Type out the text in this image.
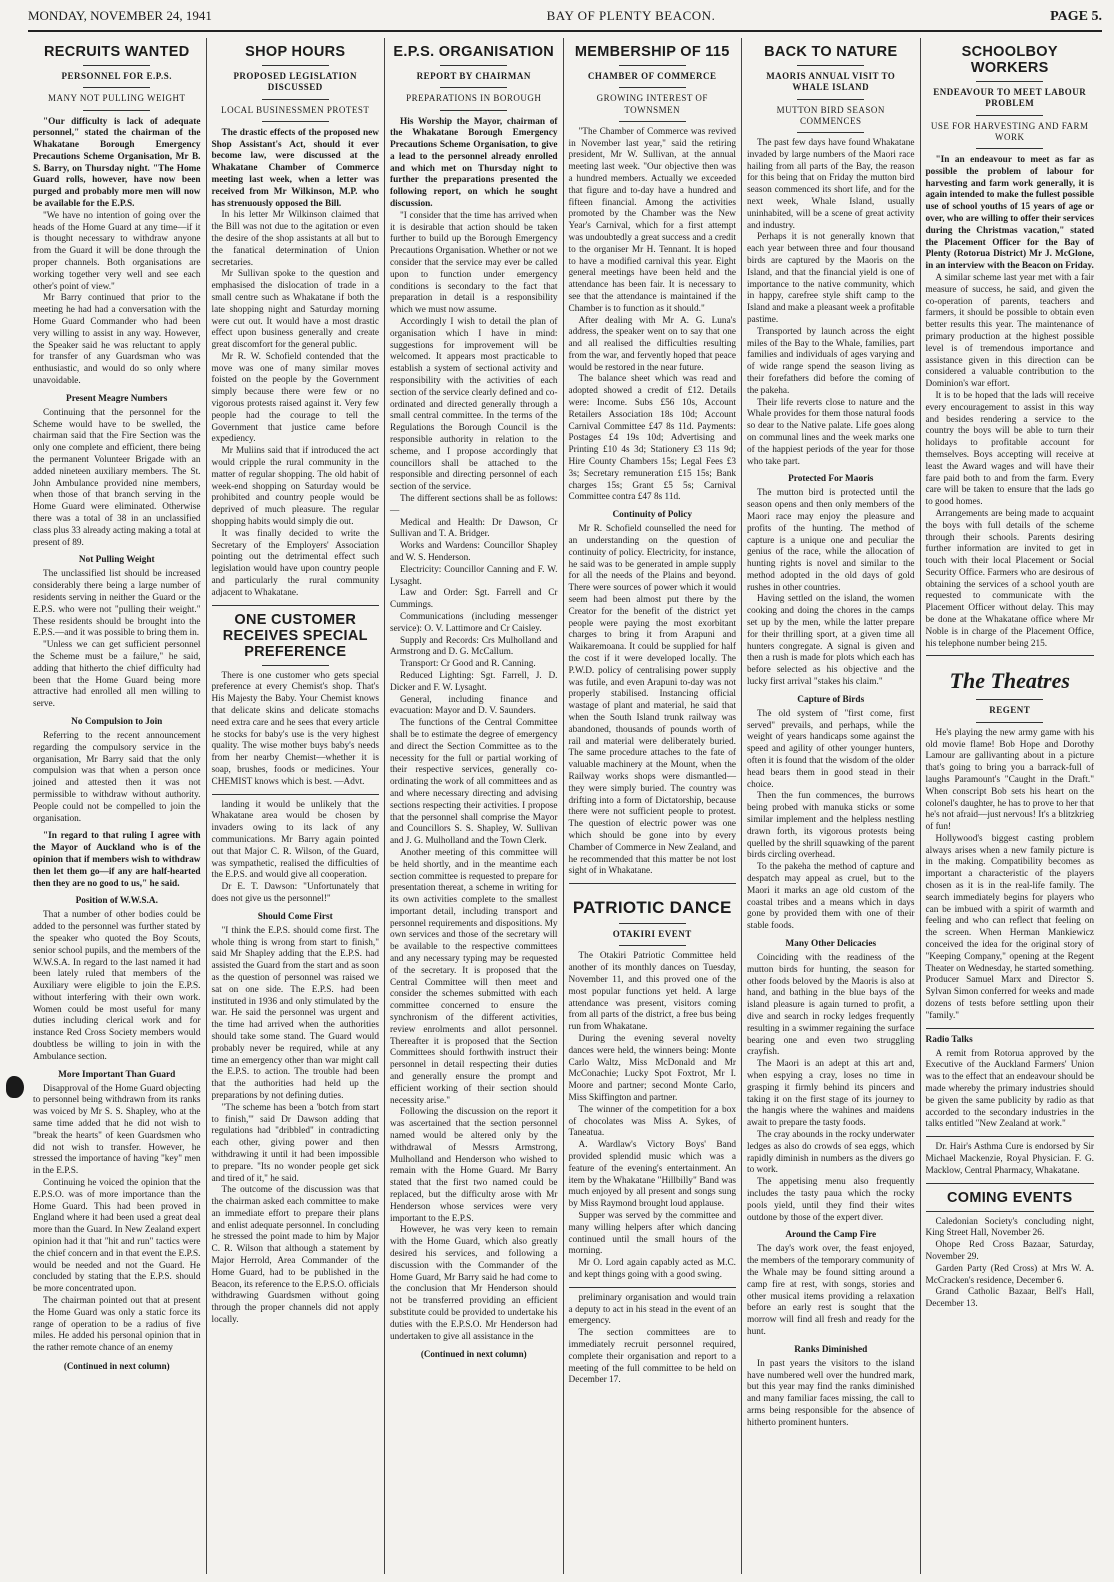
MONDAY, NOVEMBER 24, 1941	BAY OF PLENTY BEACON.	PAGE 5.
RECRUITS WANTED
PERSONNEL FOR E.P.S.
MANY NOT PULLING WEIGHT

"Our difficulty is lack of adequate personnel," stated the chairman of the Whakatane Borough Emergency Precautions Scheme Organisation, Mr B. S. Barry, on Thursday night. "The Home Guard rolls, however, have now been purged and probably more men will now be available for the E.P.S.

"We have no intention of going over the heads of the Home Guard at any time—if it is thought necessary to withdraw anyone from the Guard it will be done through the proper channels. Both organisations are working together very well and see each other's point of view."

Mr Barry continued that prior to the meeting he had had a conversation with the Home Guard Commander who had been very willing to assist in any way. However, the Speaker said he was reluctant to apply for transfer of any Guardsman who was enthusiastic, and would do so only where unavoidable.

Present Meagre Numbers

Continuing that the personnel for the Scheme would have to be swelled, the chairman said that the Fire Section was the only one complete and efficient, there being the permanent Volunteer Brigade with an added nineteen auxiliary members. The St. John Ambulance provided nine members, when those of that branch serving in the Home Guard were eliminated. Otherwise there was a total of 38 in an unclassified class plus 33 already acting making a total at present of 89.

Not Pulling Weight

The unclassified list should be increased considerably there being a large number of residents serving in neither the Guard or the E.P.S. who were not "pulling their weight." These residents should be brought into the E.P.S.—and it was possible to bring them in.

"Unless we can get sufficient personnel the Scheme must be a failure," he said, adding that hitherto the chief difficulty had been that the Home Guard being more attractive had enrolled all men willing to serve.

No Compulsion to Join

Referring to the recent announcement regarding the compulsory service in the organisation, Mr Barry said that the only compulsion was that when a person once joined and attested then it was not permissible to withdraw without authority. People could not be compelled to join the organisation.

"In regard to that ruling I agree with the Mayor of Auckland who is of the opinion that if members wish to withdraw then let them go—if any are half-hearted then they are no good to us," he said.

Position of W.W.S.A.

That a number of other bodies could be added to the personnel was further stated by the speaker who quoted the Boy Scouts, senior school pupils, and the members of the W.W.S.A. In regard to the last named it had been lately ruled that members of the Auxiliary were eligible to join the E.P.S. without interfering with their own work. Women could be most useful for many duties including clerical work and for instance Red Cross Society members would doubtless be willing to join in with the Ambulance section.

More Important Than Guard

Disapproval of the Home Guard objecting to personnel being withdrawn from its ranks was voiced by Mr S. S. Shapley, who at the same time added that he did not wish to "break the hearts" of keen Guardsmen who did not wish to transfer. However, he stressed the importance of having "key" men in the E.P.S.

Continuing he voiced the opinion that the E.P.S.O. was of more importance than the Home Guard. This had been proved in England where it had been used a great deal more than the Guard. In New Zealand expert opinion had it that "hit and run" tactics were the chief concern and in that event the E.P.S. would be needed and not the Guard. He concluded by stating that the E.P.S. should be more concentrated upon.

The chairman pointed out that at present the Home Guard was only a static force its range of operation to be a radius of five miles. He added his personal opinion that in the rather remote chance of an enemy

(Continued in next column)
SHOP HOURS
PROPOSED LEGISLATION DISCUSSED
LOCAL BUSINESSMEN PROTEST

The drastic effects of the proposed new Shop Assistant's Act, should it ever become law, were discussed at the Whakatane Chamber of Commerce meeting last week, when a letter was received from Mr Wilkinson, M.P. who has strenuously opposed the Bill.

In his letter Mr Wilkinson claimed that the Bill was not due to the agitation or even the desire of the shop assistants at all but to the fanatical determination of Union secretaries.

Mr Sullivan spoke to the question and emphasised the dislocation of trade in a small centre such as Whakatane if both the late shopping night and Saturday morning were cut out. It would have a most drastic effect upon business generally and create great discomfort for the general public.

Mr R. W. Schofield contended that the move was one of many similar moves foisted on the people by the Government simply because there were few or no vigorous protests raised against it. Very few people had the courage to tell the Government that justice came before expediency.

Mr Muliins said that if introduced the act would cripple the rural community in the matter of regular shopping. The old habit of week-end shopping on Saturday would be prohibited and country people would be deprived of much pleasure. The regular shopping habits would simply die out.

It was finally decided to write the Secretary of the Employers' Association pointing out the detrimental effect such legislation would have upon country people and particularly the rural community adjacent to Whakatane.

ONE CUSTOMER RECEIVES SPECIAL PREFERENCE

There is one customer who gets special preference at every Chemist's shop. That's His Majesty the Baby. Your Chemist knows that delicate skins and delicate stomachs need extra care and he sees that every article he stocks for baby's use is the very highest quality. The wise mother buys baby's needs from her nearby Chemist—whether it is soap, brushes, foods or medicines. Your CHEMIST knows which is best. —Advt.

landing it would be unlikely that the Whakatane area would be chosen by invaders owing to its lack of any communications. Mr Barry again pointed out that Major C. R. Wilson, of the Guard, was sympathetic, realised the difficulties of the E.P.S. and would give all cooperation.

Dr E. T. Dawson: "Unfortunately that does not give us the personnel!"

Should Come First

"I think the E.P.S. should come first. The whole thing is wrong from start to finish," said Mr Shapley adding that the E.P.S. had assisted the Guard from the start and as soon as the question of personnel was raised we sat on one side. The E.P.S. had been instituted in 1936 and only stimulated by the war. He said the personnel was urgent and the time had arrived when the authorities should take some stand. The Guard would probably never be required, while at any time an emergency other than war might call the E.P.S. to action. The trouble had been that the authorities had held up the preparations by not defining duties.

"The scheme has been a 'botch from start to finish,'" said Dr Dawson adding that regulations had "dribbled" in contradicting each other, giving power and then withdrawing it until it had been impossible to prepare. "Its no wonder people get sick and tired of it," he said.

The outcome of the discussion was that the chairman asked each committee to make an immediate effort to prepare their plans and enlist adequate personnel. In concluding he stressed the point made to him by Major C. R. Wilson that although a statement by Major Herrold, Area Commander of the Home Guard, had to be published in the Beacon, its reference to the E.P.S.O. officials withdrawing Guardsmen without going through the proper channels did not apply locally.

E.P.S. ORGANISATION
REPORT BY CHAIRMAN
PREPARATIONS IN BOROUGH

His Worship the Mayor, chairman of the Whakatane Borough Emergency Precautions Scheme Organisation, to give a lead to the personnel already enrolled and which met on Thursday night to further the preparations presented the following report, on which he sought discussion.

"I consider that the time has arrived when it is desirable that action should be taken further to build up the Borough Emergency Precautions Organisation. Whether or not we consider that the service may ever be called upon to function under emergency conditions is secondary to the fact that preparation in detail is a responsibility which we must now assume.

Accordingly I wish to detail the plan of organisation which I have in mind: suggestions for improvement will be welcomed. It appears most practicable to establish a system of sectional activity and responsibility with the activities of each section of the service clearly defined and co-ordinated and directed generally through a small central committee. In the terms of the Regulations the Borough Council is the responsible authority in relation to the scheme, and I propose accordingly that councillors shall be attached to the responsible and directing personnel of each section of the service.

The different sections shall be as follows:—

Medical and Health: Dr Dawson, Cr Sullivan and T. A. Bridger.

Works and Wardens: Councillor Shapley and W. S. Henderson.

Electricity: Councillor Canning and F. W. Lysaght.

Law and Order: Sgt. Farrell and Cr Cummings.

Communications (including messenger service): O. V. Lattimore and Cr Caisley.

Supply and Records: Crs Mulholland and Armstrong and D. G. McCallum.

Transport: Cr Good and R. Canning.

Reduced Lighting: Sgt. Farrell, J. D. Dicker and F. W. Lysaght.

General, including finance and evacuation: Mayor and D. V. Saunders.

The functions of the Central Committee shall be to estimate the degree of emergency and direct the Section Committee as to the necessity for the full or partial working of their respective services, generally co-ordinating the work of all committees and as and where necessary directing and advising sections respecting their activities. I propose that the personnel shall comprise the Mayor and Councillors S. S. Shapley, W. Sullivan and J. G. Mulholland and the Town Clerk.

Another meeting of this committee will be held shortly, and in the meantime each section committee is requested to prepare for presentation thereat, a scheme in writing for its own activities complete to the smallest important detail, including transport and personnel requirements and dispositions. My own services and those of the secretary will be available to the respective committees and any necessary typing may be requested of the secretary. It is proposed that the Central Committee will then meet and consider the schemes submitted with each committee concerned to ensure the synchronism of the different activities, review enrolments and allot personnel. Thereafter it is proposed that the Section Committees should forthwith instruct their personnel in detail respecting their duties and generally ensure the prompt and efficient working of their section should necessity arise."

Following the discussion on the report it was ascertained that the section personnel named would be altered only by the withdrawal of Messrs Armstrong, Mulholland and Henderson who wished to remain with the Home Guard. Mr Barry stated that the first two named could be replaced, but the difficulty arose with Mr Henderson whose services were very important to the E.P.S.

However, he was very keen to remain with the Home Guard, which also greatly desired his services, and following a discussion with the Commander of the Home Guard, Mr Barry said he had come to the conclusion that Mr Henderson should not be transferred providing an efficient substitute could be provided to undertake his duties with the E.P.S.O. Mr Henderson had undertaken to give all assistance in the

(Continued in next column)
MEMBERSHIP OF 115
CHAMBER OF COMMERCE
GROWING INTEREST OF TOWNSMEN

"The Chamber of Commerce was revived in November last year," said the retiring president, Mr W. Sullivan, at the annual meeting last week. "Our objective then was a hundred members. Actually we exceeded that figure and to-day have a hundred and fifteen financial. Among the activities promoted by the Chamber was the New Year's Carnival, which for a first attempt was undoubtedly a great success and a credit to the organiser Mr H. Tennant. It is hoped to have a modified carnival this year. Eight general meetings have been held and the attendance has been fair. It is necessary to see that the attendance is maintained if the Chamber is to function as it should."

After dealing with Mr A. G. Luna's address, the speaker went on to say that one and all realised the difficulties resulting from the war, and fervently hoped that peace would be restored in the near future.

The balance sheet which was read and adopted showed a credit of £12. Details were: Income. Subs £56 10s, Account Retailers Association 18s 10d; Account Carnival Committee £47 8s 11d. Payments: Postages £4 19s 10d; Advertising and Printing £10 4s 3d; Stationery £3 11s 9d; Hire County Chambers 15s; Legal Fees £3 3s; Secretary remuneration £15 15s; Bank charges 15s; Grant £5 5s; Carnival Committee contra £47 8s 11d.

Continuity of Policy

Mr R. Schofield counselled the need for an understanding on the question of continuity of policy. Electricity, for instance, he said was to be generated in ample supply for all the needs of the Plains and beyond. There were sources of power which it would seem had been almost put there by the Creator for the benefit of the district yet people were paying the most exorbitant charges to bring it from Arapuni and Waikaremoana. It could be supplied for half the cost if it were developed locally. The P.W.D. policy of centralising power supply was futile, and even Arapuni to-day was not properly stabilised. Instancing official wastage of plant and material, he said that when the South Island trunk railway was abandoned, thousands of pounds worth of rail and material were deliberately buried. The same procedure attaches to the fate of valuable machinery at the Mount, when the Railway works shops were dismantled—they were simply buried. The country was drifting into a form of Dictatorship, because there were not sufficient people to protest. The question of electric power was one which should be gone into by every Chamber of Commerce in New Zealand, and he recommended that this matter be not lost sight of in Whakatane.

PATRIOTIC DANCE
OTAKIRI EVENT

The Otakiri Patriotic Committee held another of its monthly dances on Tuesday, November 11, and this proved one of the most popular functions yet held. A large attendance was present, visitors coming from all parts of the district, a free bus being run from Whakatane.

During the evening several novelty dances were held, the winners being: Monte Carlo Waltz, Miss McDonald and Mr McConachie; Lucky Spot Foxtrot, Mr I. Moore and partner; second Monte Carlo, Miss Skiffington and partner.

The winner of the competition for a box of chocolates was Miss A. Sykes, of Taneatua.

A. Wardlaw's Victory Boys' Band provided splendid music which was a feature of the evening's entertainment. An item by the Whakatane "Hillbilly" Band was much enjoyed by all present and songs sung by Miss Raymond brought loud applause.

Supper was served by the committee and many willing helpers after which dancing continued until the small hours of the morning.

Mr O. Lord again capably acted as M.C. and kept things going with a good swing.

preliminary organisation and would train a deputy to act in his stead in the event of an emergency.

The section committees are to immediately recruit personnel required, complete their organisation and report to a meeting of the full committee to be held on December 17.

BACK TO NATURE
MAORIS ANNUAL VISIT TO WHALE ISLAND
MUTTON BIRD SEASON COMMENCES

The past few days have found Whakatane invaded by large numbers of the Maori race hailing from all parts of the Bay, the reason for this being that on Friday the mutton bird season commenced its short life, and for the next week, Whale Island, usually uninhabited, will be a scene of great activity and industry.

Perhaps it is not generally known that each year between three and four thousand birds are captured by the Maoris on the Island, and that the financial yield is one of importance to the native community, which in happy, carefree style shift camp to the Island and make a pleasant week a profitable pastime.

Transported by launch across the eight miles of the Bay to the Whale, families, part families and individuals of ages varying and of wide range spend the season living as their forefathers did before the coming of the pakeha.

Their life reverts close to nature and the Whale provides for them those natural foods so dear to the Native palate. Life goes along on communal lines and the week marks one of the happiest periods of the year for those who take part.

Protected For Maoris

The mutton bird is protected until the season opens and then only members of the Maori race may enjoy the pleasure and profits of the hunting. The method of capture is a unique one and peculiar the genius of the race, while the allocation of hunting rights is novel and similar to the method adopted in the old days of gold rushes in other countries.

Having settled on the island, the women cooking and doing the chores in the camps set up by the men, while the latter prepare for their thrilling sport, at a given time all hunters congregate. A signal is given and then a rush is made for plots which each has before selected as his objective and the lucky first arrival "stakes his claim."

Capture of Birds

The old system of "first come, first served" prevails, and perhaps, while the weight of years handicaps some against the speed and agility of other younger hunters, often it is found that the wisdom of the older head bears them in good stead in their choice.

Then the fun commences, the burrows being probed with manuka sticks or some similar implement and the helpless nestling drawn forth, its vigorous protests being quelled by the shrill squawking of the parent birds circling overhead.

To the pakeha the method of capture and despatch may appeal as cruel, but to the Maori it marks an age old custom of the coastal tribes and a means which in days gone by provided them with one of their stable foods.

Many Other Delicacies

Coinciding with the readiness of the mutton birds for hunting, the season for other foods beloved by the Maoris is also at hand, and bathing in the blue bays of the island pleasure is again turned to profit, a dive and search in rocky ledges frequently resulting in a swimmer regaining the surface bearing one and even two struggling crayfish.

The Maori is an adept at this art and, when espying a cray, loses no time in grasping it firmly behind its pincers and taking it on the first stage of its journey to the hangis where the wahines and maidens await to prepare the tasty foods.

The cray abounds in the rocky underwater ledges as also do crowds of sea eggs, which rapidly diminish in numbers as the divers go to work.

The appetising menu also frequently includes the tasty paua which the rocky pools yield, until they find their wites outdone by those of the expert diver.

Around the Camp Fire

The day's work over, the feast enjoyed, the members of the temporary community of the Whale may be found sitting around a camp fire at rest, with songs, stories and other musical items providing a relaxation before an early rest is sought that the morrow will find all fresh and ready for the hunt.

Ranks Diminished

In past years the visitors to the island have numbered well over the hundred mark, but this year may find the ranks diminished and many familiar faces missing, the call to arms being responsible for the absence of hitherto prominent hunters.

SCHOOLBOY WORKERS
ENDEAVOUR TO MEET LABOUR PROBLEM
USE FOR HARVESTING AND FARM WORK

"In an endeavour to meet as far as possible the problem of labour for harvesting and farm work generally, it is again intended to make the fullest possible use of school youths of 15 years of age or over, who are willing to offer their services during the Christmas vacation," stated the Placement Officer for the Bay of Plenty (Rotorua District) Mr J. McGlone, in an interview with the Beacon on Friday.

A similar scheme last year met with a fair measure of success, he said, and given the co-operation of parents, teachers and farmers, it should be possible to obtain even better results this year. The maintenance of primary production at the highest possible level is of tremendous importance and assistance given in this direction can be considered a valuable contribution to the Dominion's war effort.

It is to be hoped that the lads will receive every encouragement to assist in this way and besides rendering a service to the country the boys will be able to turn their holidays to profitable account for themselves. Boys accepting will receive at least the Award wages and will have their fare paid both to and from the farm. Every care will be taken to ensure that the lads go to good homes.

Arrangements are being made to acquaint the boys with full details of the scheme through their schools. Parents desiring further information are invited to get in touch with their local Placement or Social Security Office. Farmers who are desirous of obtaining the services of a school youth are requested to communicate with the Placement Officer without delay. This may be done at the Whakatane office where Mr Noble is in charge of the Placement Office, his telephone number being 215.

The Theatres
REGENT

He's playing the new army game with his old movie flame! Bob Hope and Dorothy Lamour are gallivanting about in a picture that's going to bring you a barrack-full of laughs Paramount's "Caught in the Draft." When conscript Bob sets his heart on the colonel's daughter, he has to prove to her that he's not afraid—just nervous! It's a blitzkrieg of fun!

Hollywood's biggest casting problem always arises when a new family picture is in the making. Compatibility becomes as important a characteristic of the players chosen as it is in the real-life family. The search immediately begins for players who can be imbued with a spirit of warmth and feeling and who can reflect that feeling on the screen. When Herman Mankiewicz conceived the idea for the original story of "Keeping Company," opening at the Regent Theater on Wednesday, he started something. Producer Samuel Marx and Director S. Sylvan Simon conferred for weeks and made dozens of tests before settling upon their "family."

Radio Talks

A remit from Rotorua approved by the Executive of the Auckland Farmers' Union was to the effect that an endeavour should be made whereby the primary industries should be given the same publicity by radio as that accorded to the secondary industries in the talks entitled "New Zealand at work."

Dr. Hair's Asthma Cure is endorsed by Sir Michael Mackenzie, Royal Physician. F. G. Macklow, Central Pharmacy, Whakatane.

COMING EVENTS

Caledonian Society's concluding night, King Street Hall, November 26.

Ohope Red Cross Bazaar, Saturday, November 29.

Garden Party (Red Cross) at Mrs W. A. McCracken's residence, December 6.

Grand Catholic Bazaar, Bell's Hall, December 13.
